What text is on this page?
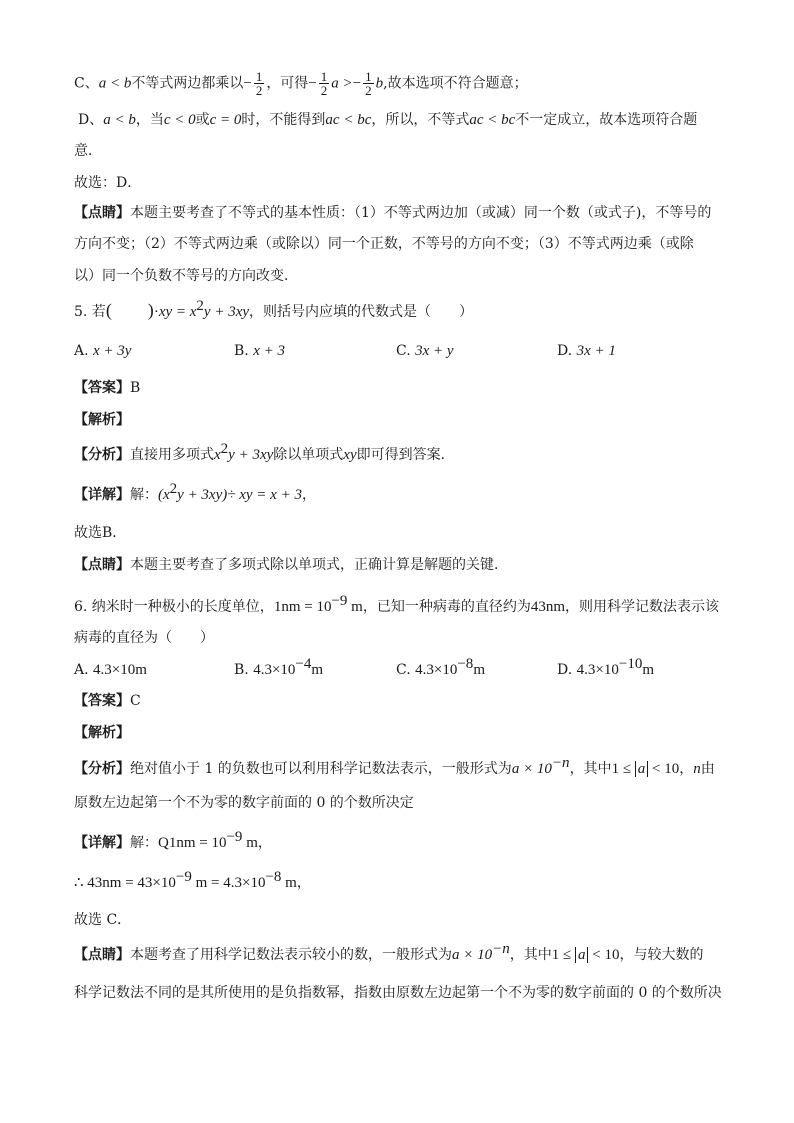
C、a < b不等式两边都乘以− $\frac{1}{2}$ ，可得− $\frac{1}{2}$ $a >- \frac{1}{2} b$,故本选项不符合题意；
D、a < b，当c < 0或c = 0时，不能得到ac < bc，所以，不等式ac < bc不一定成立，故本选项符合题
意．
故选：D．
【点睛】本题主要考查了不等式的基本性质：（1）不等式两边加（或减）同一个数（或式子)，不等号的
方向不变；（2）不等式两边乘（或除以）同一个正数，不等号的方向不变；（3）不等式两边乘（或除
以）同一个负数不等号的方向改变．
5. 若(　　)$\cdot xy = x^2y + 3xy$，则括号内应填的代数式是（　　）
A. x + 3y	B. x + 3	C. 3x + y	D. 3x + 1
【答案】B
【解析】
【分析】直接用多项式$x^2y + 3xy$除以单项式xy即可得到答案．
【详解】解：$(x^2y + 3xy)\div$ xy = x + 3，
故选B．
【点睛】本题主要考查了多项式除以单项式，正确计算是解题的关键．
6. 纳米时一种极小的长度单位，$1nm = 10^{-9}$ m，已知一种病毒的直径约为43nm，则用科学记数法表示该
病毒的直径为（　　）
A. 4.3×10m	B. $4.3\times 10^{-4}m$	C. $4.3\times 10^{-8}m$	D. $4.3\times 10^{-10}m$
【答案】C
【解析】
【分析】绝对值小于 1 的负数也可以利用科学记数法表示，一般形式为$a \times 10^{-n}$，其中1 ≤ a < 10，n由
原数左边起第一个不为零的数字前面的 0 的个数所决定
【详解】解：$Q1nm = 10^{-9}$ m，
∴ $43nm = 43\times 10^{-9}$ $m = 4.3\times 10^{-8}$ m，
故选 C．
【点睛】本题考查了用科学记数法表示较小的数，一般形式为$a \times 10^{-n}$，其中1 ≤ a < 10，与较大数的
科学记数法不同的是其所使用的是负指数幂，指数由原数左边起第一个不为零的数字前面的 0 的个数所决
